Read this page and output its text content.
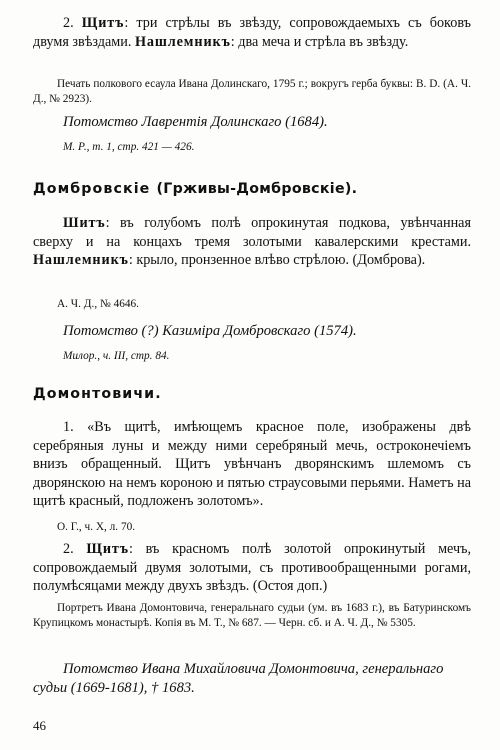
2. Щитъ: три стрѣлы въ звѣзду, сопровождаемыхъ съ боковъ двумя звѣздами. Нашлемникъ: два меча и стрѣла въ звѣзду.

Печать полкового есаула Ивана Долинскаго, 1795 г.; вокругъ герба буквы: В. D. (А. Ч. Д., № 2923).

Потомство Лаврентія Долинскаго (1684).

М. Р., т. 1, стр. 421 — 426.

Домбровскіе (Грживы-Домбровскіе).

Шитъ: въ голубомъ полѣ опрокинутая подкова, увѣнчанная сверху и на концахъ тремя золотыми кавалерскими крестами. Нашлемникъ: крыло, пронзенное влѣво стрѣлою. (Домброва).

А. Ч. Д., № 4646.

Потомство (?) Казиміра Домбровскаго (1574).

Милор., ч. III, стр. 84.

Домонтовичи.

1. «Въ щитѣ, имѣющемъ красное поле, изображены двѣ серебряныя луны и между ними серебряный мечь, остроконечіемъ внизъ обращенный. Щитъ увѣнчанъ дворянскимъ шлемомъ съ дворянскою на немъ короною и пятью страусовыми перьями. Наметъ на щитѣ красный, подложенъ золотомъ».

О. Г., ч. X, л. 70.

2. Щитъ: въ красномъ полѣ золотой опрокинутый мечъ, сопровождаемый двумя золотыми, съ противообращенными рогами, полумѣсяцами между двухъ звѣздъ. (Остоя доп.)

Портретъ Ивана Домонтовича, генеральнаго судьи (ум. въ 1683 г.), въ Батуринскомъ Крупицкомъ монастырѣ. Копія въ М. Т., № 687. — Черн. сб. и А. Ч. Д., № 5305.

Потомство Ивана Михайловича Домонтовича, генеральнаго судьи (1669-1681), † 1683.

46
